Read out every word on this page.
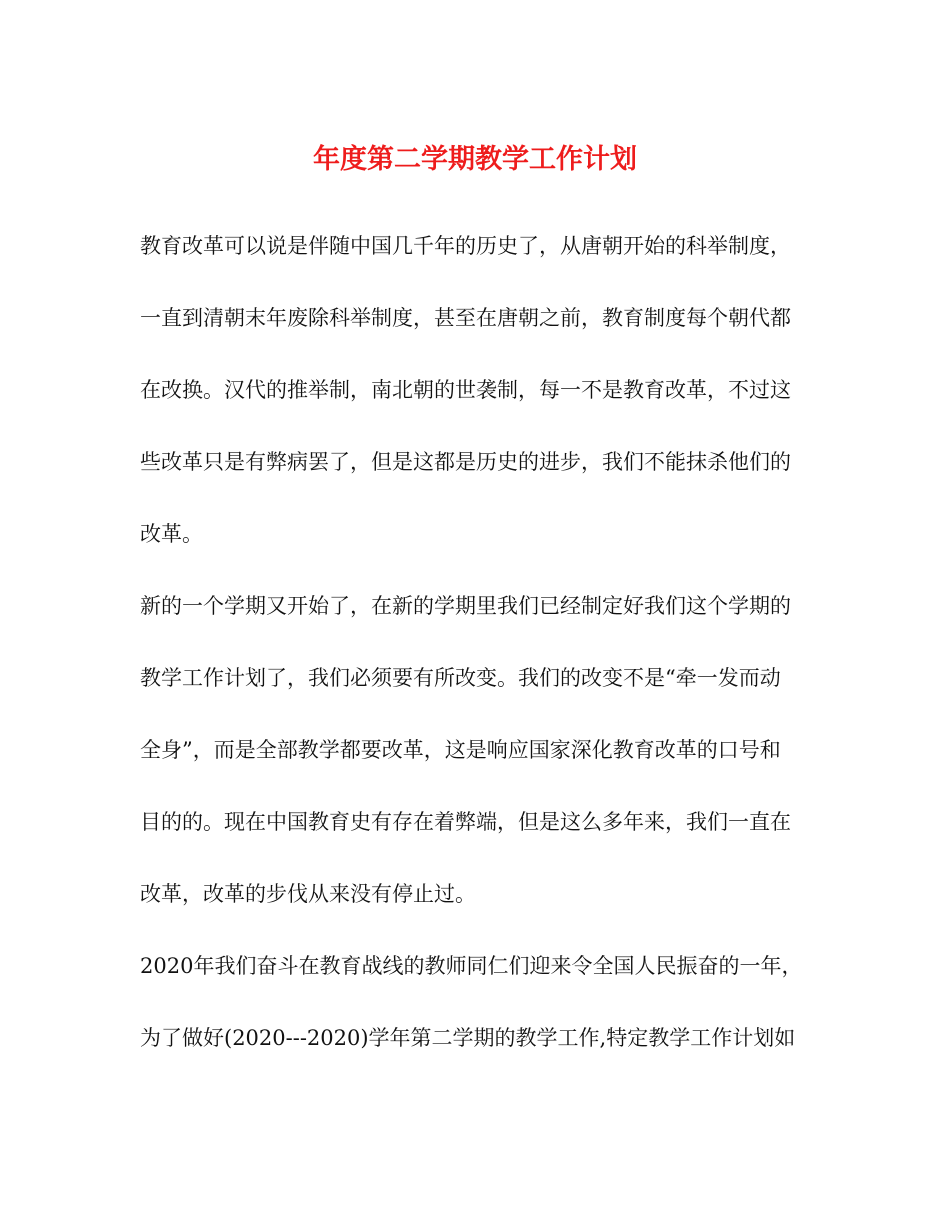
年度第二学期教学工作计划
教育改革可以说是伴随中国几千年的历史了，从唐朝开始的科举制度，
一直到清朝末年废除科举制度，甚至在唐朝之前，教育制度每个朝代都
在改换。汉代的推举制，南北朝的世袭制，每一不是教育改革，不过这
些改革只是有弊病罢了，但是这都是历史的进步，我们不能抹杀他们的
改革。
新的一个学期又开始了，在新的学期里我们已经制定好我们这个学期的
教学工作计划了，我们必须要有所改变。我们的改变不是“牵一发而动
全身”，而是全部教学都要改革，这是响应国家深化教育改革的口号和
目的的。现在中国教育史有存在着弊端，但是这么多年来，我们一直在
改革，改革的步伐从来没有停止过。
2020年我们奋斗在教育战线的教师同仁们迎来令全国人民振奋的一年，
为了做好(2020---2020)学年第二学期的教学工作,特定教学工作计划如
